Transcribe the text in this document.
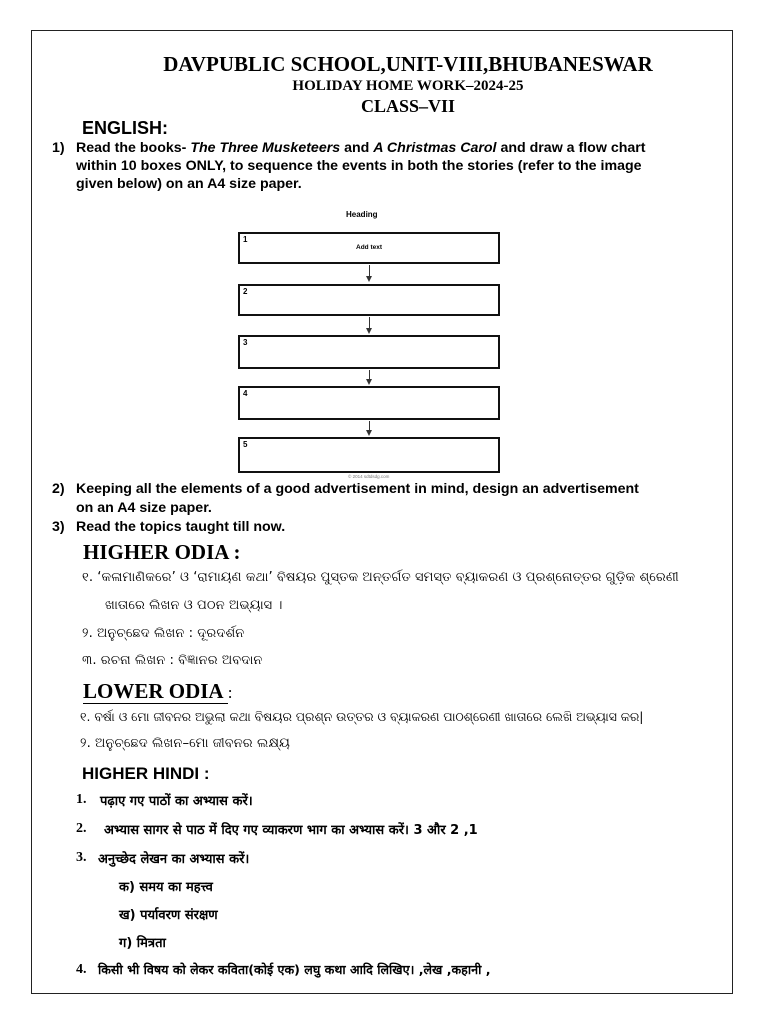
DAVPUBLIC SCHOOL,UNIT-VIII,BHUBANESWAR
HOLIDAY HOME WORK–2024-25
CLASS–VII
ENGLISH:
1) Read the books- The Three Musketeers and A Christmas Carol and draw a flow chart
within 10 boxes ONLY, to sequence the events in both the stories (refer to the image
given below) on an A4 size paper.
Heading
1
Add text
2
3
4
5
© 2014 sdtdsdg.com
2) Keeping all the elements of a good advertisement in mind, design an advertisement
on an A4 size paper.
3) Read the topics taught till now.
HIGHER ODIA :
୧. ‘କଳାମାଣିକରେ’ ଓ ‘ରାମାୟଣ କଥା’ ବିଷୟର ପୁସ୍ତକ ଅନ୍ତର୍ଗତ ସମସ୍ତ ବ୍ୟାକରଣ ଓ ପ୍ରଶ୍ନୋତ୍ତର ଗୁଡ଼ିକ ଶ୍ରେଣୀ
ଖାତାରେ ଲିଖନ ଓ ପଠନ ଅଭ୍ୟାସ ।
୨. ଅନୁଚ୍ଛେଦ ଲିଖନ : ଦୂରଦର୍ଶନ
୩. ରଚନା ଲିଖନ : ବିଜ୍ଞାନର ଅବଦାନ
LOWER ODIA :
୧. ବର୍ଷା ଓ ମୋ ଜୀବନର ଅଭୁଲା କଥା ବିଷୟର ପ୍ରଶ୍ନ ଉତ୍ତର ଓ ବ୍ୟାକରଣ ପାଠଶ୍ରେଣୀ ଖାତାରେ ଲେଖି ଅଭ୍ୟାସ କର|
୨. ଅନୁଚ୍ଛେଦ ଲିଖନ–ମୋ ଜୀବନର ଲକ୍ଷ୍ୟ
HIGHER HINDI :
1. पढ़ाए गए पाठों का अभ्यास करें।
2. अभ्यास सागर से पाठ में दिए गए व्याकरण भाग का अभ्यास करें। 3 और 2 ,1
3. अनुच्छेद लेखन का अभ्यास करें।
क) समय का महत्त्व
ख) पर्यावरण संरक्षण
ग) मित्रता
4. किसी भी विषय को लेकर कविता(कोई एक) लघु कथा आदि लिखिए। ,लेख ,कहानी ,
